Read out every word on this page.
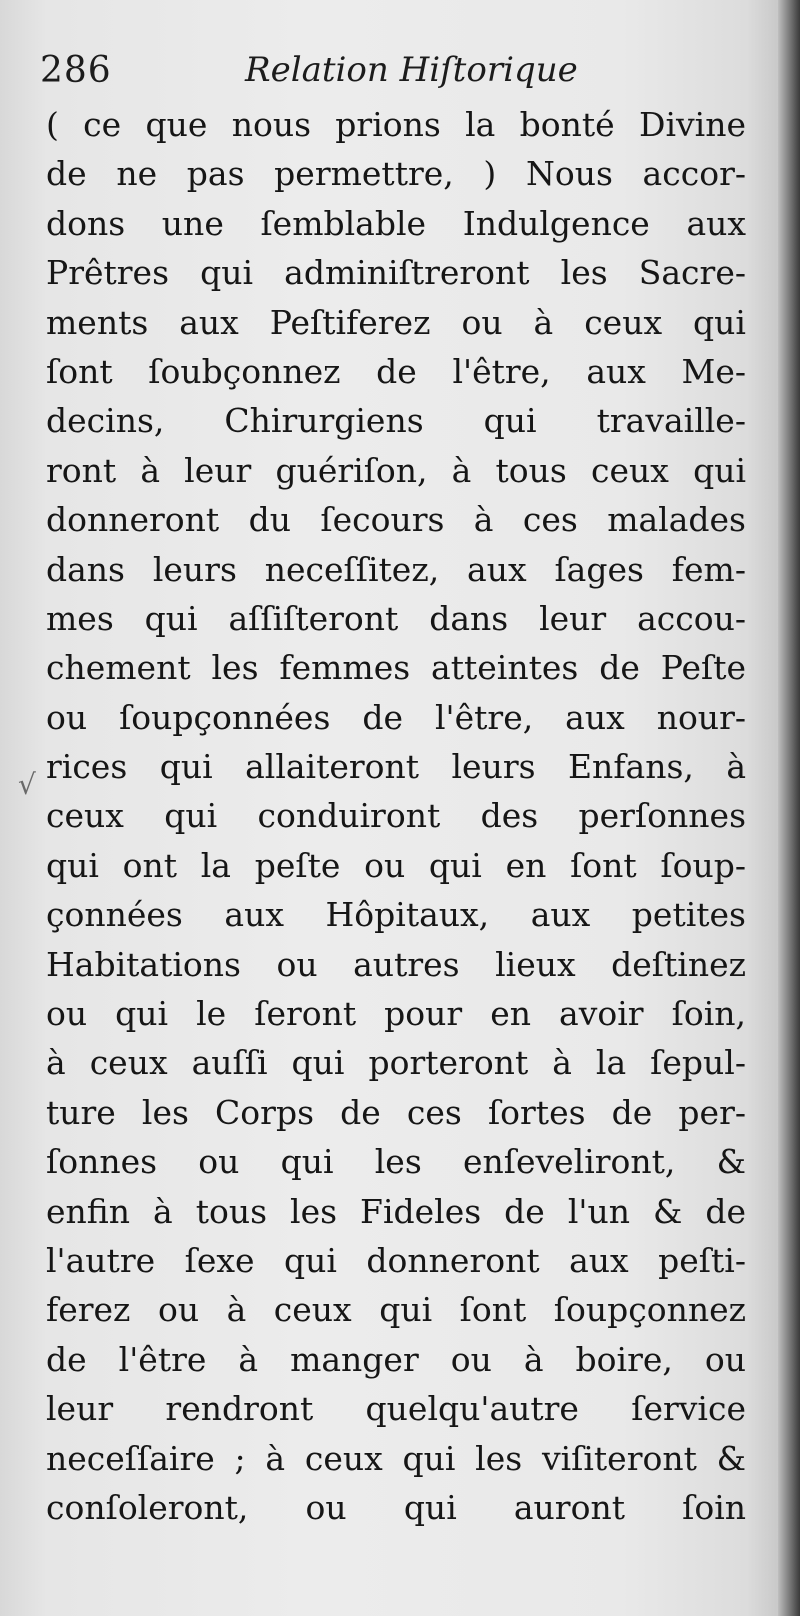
286	Relation Hiſtorique
√
( ce que nous prions la bonté Divine
de ne pas permettre, ) Nous accor-
dons une ſemblable Indulgence aux
Prêtres qui adminiſtreront les Sacre-
ments aux Peſtiferez ou à ceux qui
ſont ſoubçonnez de l'être, aux Me-
decins, Chirurgiens qui travaille-
ront à leur guériſon, à tous ceux qui
donneront du ſecours à ces malades
dans leurs neceſſitez, aux ſages fem-
mes qui aſſiſteront dans leur accou-
chement les femmes atteintes de Peſte
ou ſoupçonnées de l'être, aux nour-
rices qui allaiteront leurs Enfans, à
ceux qui conduiront des perſonnes
qui ont la peſte ou qui en ſont ſoup-
çonnées aux Hôpitaux, aux petites
Habitations ou autres lieux deſtinez
ou qui le ſeront pour en avoir ſoin,
à ceux auſſi qui porteront à la ſepul-
ture les Corps de ces ſortes de per-
ſonnes ou qui les enſeveliront, &
enfin à tous les Fideles de l'un & de
l'autre ſexe qui donneront aux peſti-
ferez ou à ceux qui ſont ſoupçonnez
de l'être à manger ou à boire, ou
leur rendront quelqu'autre ſervice
neceſſaire ; à ceux qui les viſiteront &
conſoleront, ou qui auront ſoin
